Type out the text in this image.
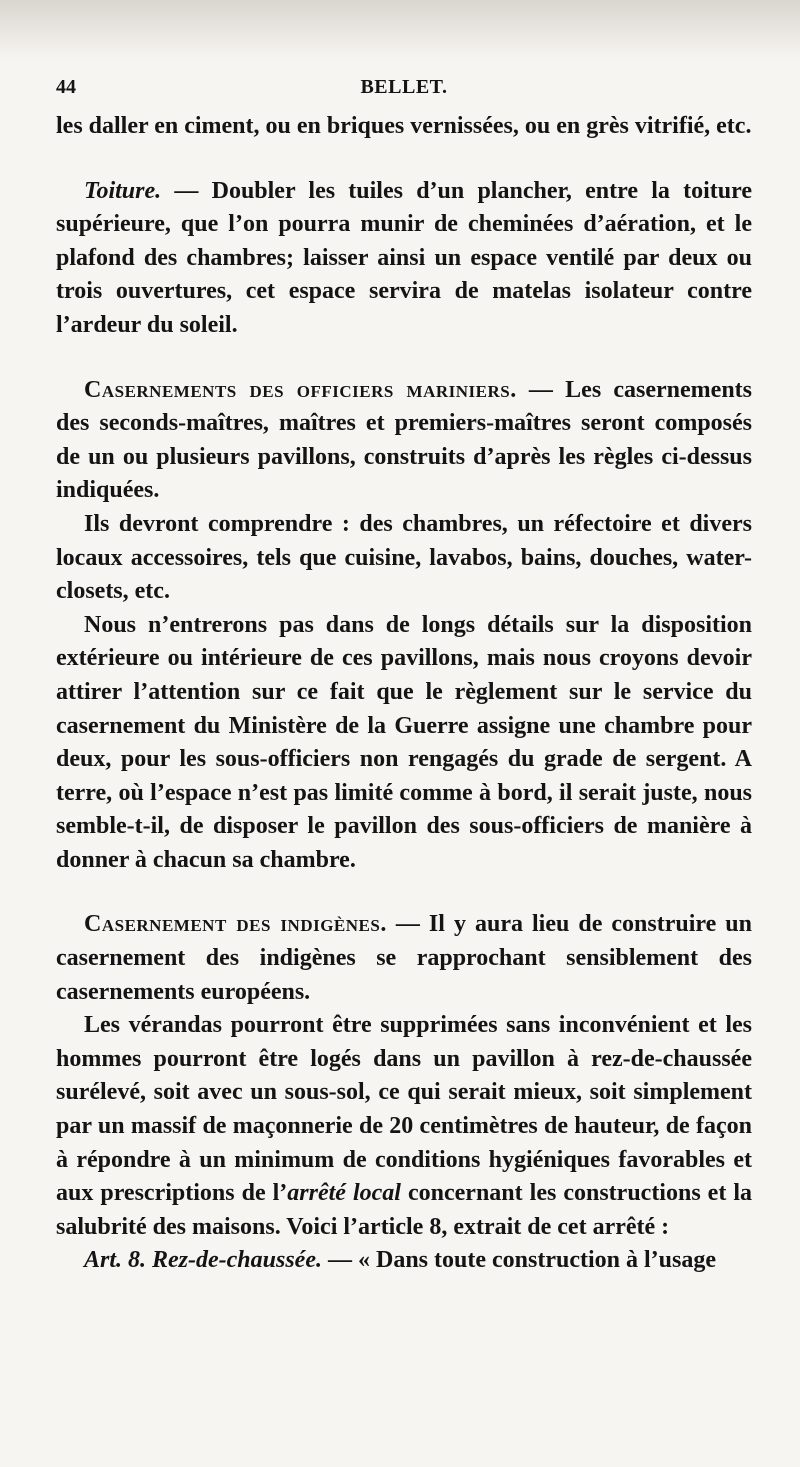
44	BELLET.

les daller en ciment, ou en briques vernissées, ou en grès vitrifié, etc.

Toiture. — Doubler les tuiles d’un plancher, entre la toiture supérieure, que l’on pourra munir de cheminées d’aération, et le plafond des chambres; laisser ainsi un espace ventilé par deux ou trois ouvertures, cet espace servira de matelas isolateur contre l’ardeur du soleil.

Casernements des officiers mariniers. — Les casernements des seconds-maîtres, maîtres et premiers-maîtres seront composés de un ou plusieurs pavillons, construits d’après les règles ci-dessus indiquées.

Ils devront comprendre : des chambres, un réfectoire et divers locaux accessoires, tels que cuisine, lavabos, bains, douches, water-closets, etc.

Nous n’entrerons pas dans de longs détails sur la disposition extérieure ou intérieure de ces pavillons, mais nous croyons devoir attirer l’attention sur ce fait que le règlement sur le service du casernement du Ministère de la Guerre assigne une chambre pour deux, pour les sous-officiers non rengagés du grade de sergent. A terre, où l’espace n’est pas limité comme à bord, il serait juste, nous semble-t-il, de disposer le pavillon des sous-officiers de manière à donner à chacun sa chambre.

Casernement des indigènes. — Il y aura lieu de construire un casernement des indigènes se rapprochant sensiblement des casernements européens.

Les vérandas pourront être supprimées sans inconvénient et les hommes pourront être logés dans un pavillon à rez-de-chaussée surélevé, soit avec un sous-sol, ce qui serait mieux, soit simplement par un massif de maçonnerie de 20 centimètres de hauteur, de façon à répondre à un minimum de conditions hygiéniques favorables et aux prescriptions de l’arrêté local concernant les constructions et la salubrité des maisons. Voici l’article 8, extrait de cet arrêté :

Art. 8. Rez-de-chaussée. — « Dans toute construction à l’usage
